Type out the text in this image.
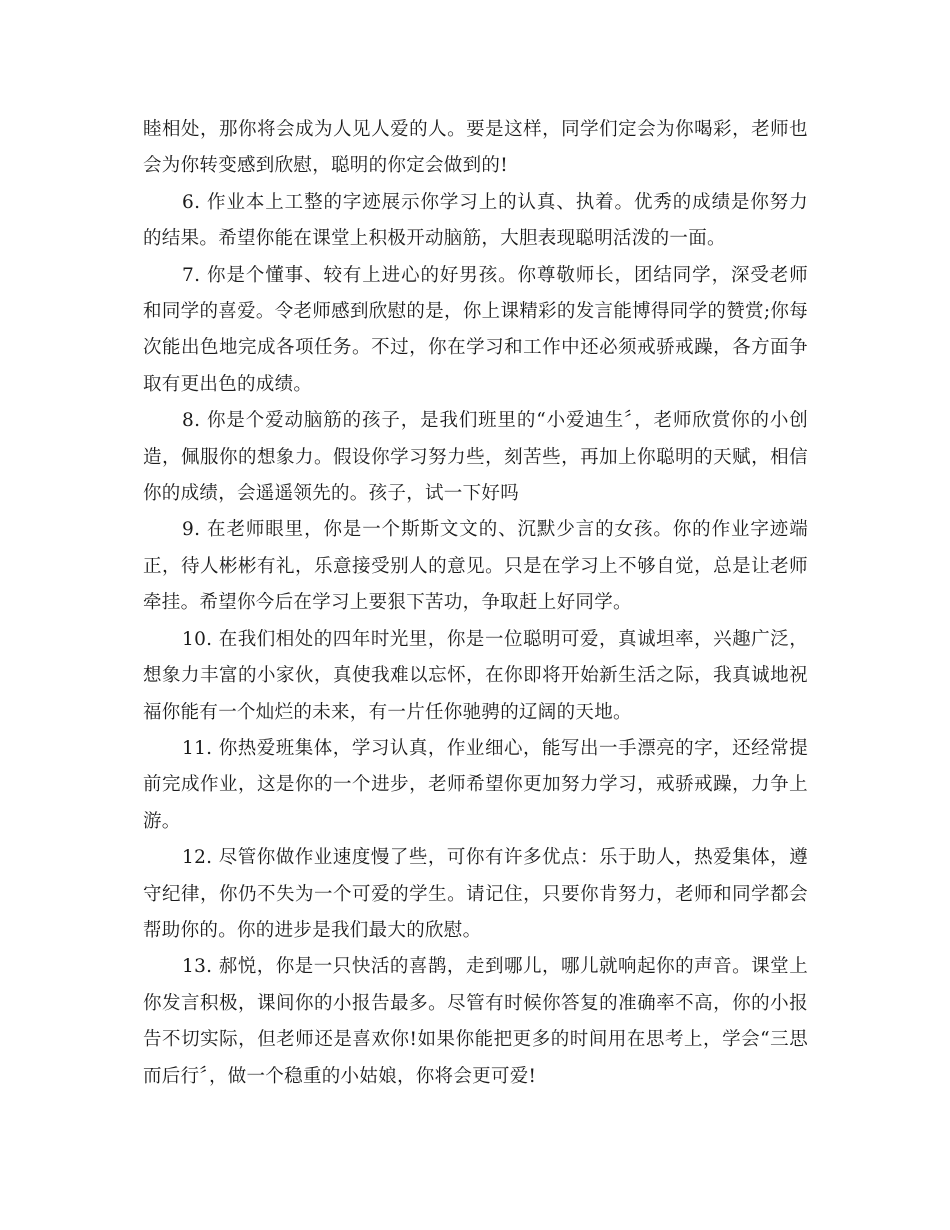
睦相处，那你将会成为人见人爱的人。要是这样，同学们定会为你喝彩，老师也会为你转变感到欣慰，聪明的你定会做到的!

6. 作业本上工整的字迹展示你学习上的认真、执着。优秀的成绩是你努力的结果。希望你能在课堂上积极开动脑筋，大胆表现聪明活泼的一面。

7. 你是个懂事、较有上进心的好男孩。你尊敬师长，团结同学，深受老师和同学的喜爱。令老师感到欣慰的是，你上课精彩的发言能博得同学的赞赏;你每次能出色地完成各项任务。不过，你在学习和工作中还必须戒骄戒躁，各方面争取有更出色的成绩。

8. 你是个爱动脑筋的孩子，是我们班里的“小爱迪生〞，老师欣赏你的小创造，佩服你的想象力。假设你学习努力些，刻苦些，再加上你聪明的天赋，相信你的成绩，会遥遥领先的。孩子，试一下好吗

9. 在老师眼里，你是一个斯斯文文的、沉默少言的女孩。你的作业字迹端正，待人彬彬有礼，乐意接受别人的意见。只是在学习上不够自觉，总是让老师牵挂。希望你今后在学习上要狠下苦功，争取赶上好同学。

10. 在我们相处的四年时光里，你是一位聪明可爱，真诚坦率，兴趣广泛，想象力丰富的小家伙，真使我难以忘怀，在你即将开始新生活之际，我真诚地祝福你能有一个灿烂的未来，有一片任你驰骋的辽阔的天地。

11. 你热爱班集体，学习认真，作业细心，能写出一手漂亮的字，还经常提前完成作业，这是你的一个进步，老师希望你更加努力学习，戒骄戒躁，力争上游。

12. 尽管你做作业速度慢了些，可你有许多优点：乐于助人，热爱集体，遵守纪律，你仍不失为一个可爱的学生。请记住，只要你肯努力，老师和同学都会帮助你的。你的进步是我们最大的欣慰。

13. 郝悦，你是一只快活的喜鹊，走到哪儿，哪儿就响起你的声音。课堂上你发言积极，课间你的小报告最多。尽管有时候你答复的准确率不高，你的小报告不切实际，但老师还是喜欢你!如果你能把更多的时间用在思考上，学会“三思而后行〞，做一个稳重的小姑娘，你将会更可爱!
